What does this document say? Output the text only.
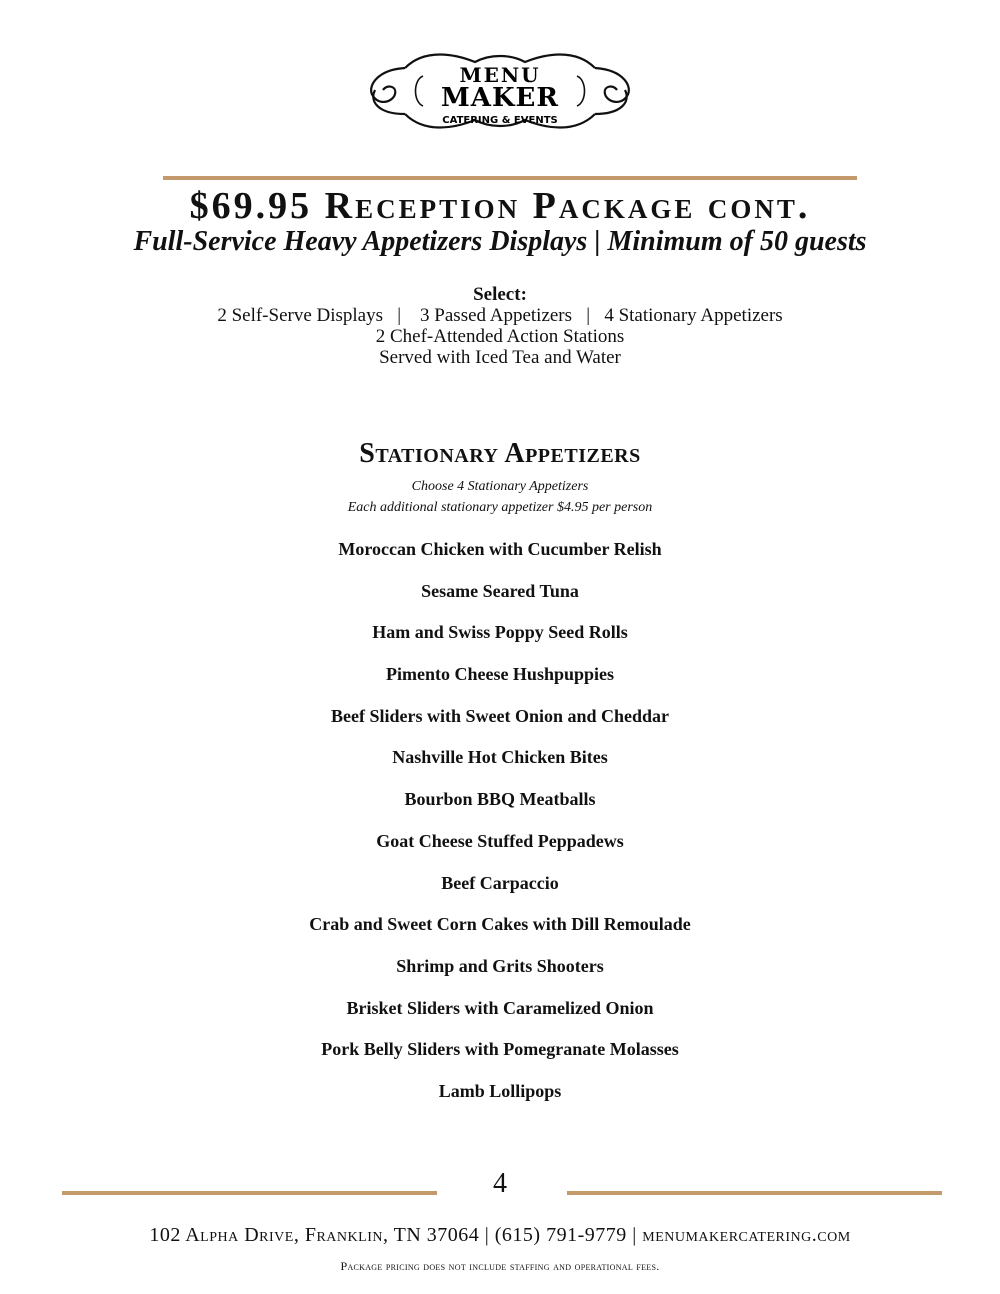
MENU
MAKER
CATERING & EVENTS
$69.95 Reception Package cont.
Full-Service Heavy Appetizers Displays | Minimum of 50 guests
Select:
2 Self-Serve Displays   |    3 Passed Appetizers   |   4 Stationary Appetizers
2 Chef-Attended Action Stations
Served with Iced Tea and Water
Stationary Appetizers
Choose 4 Stationary Appetizers
Each additional stationary appetizer $4.95 per person
Moroccan Chicken with Cucumber Relish
Sesame Seared Tuna
Ham and Swiss Poppy Seed Rolls
Pimento Cheese Hushpuppies
Beef Sliders with Sweet Onion and Cheddar
Nashville Hot Chicken Bites
Bourbon BBQ Meatballs
Goat Cheese Stuffed Peppadews
Beef Carpaccio
Crab and Sweet Corn Cakes with Dill Remoulade
Shrimp and Grits Shooters
Brisket Sliders with Caramelized Onion
Pork Belly Sliders with Pomegranate Molasses
Lamb Lollipops
4
102 Alpha Drive, Franklin, TN 37064 | (615) 791-9779 | menumakercatering.com
Package pricing does not include staffing and operational fees.
